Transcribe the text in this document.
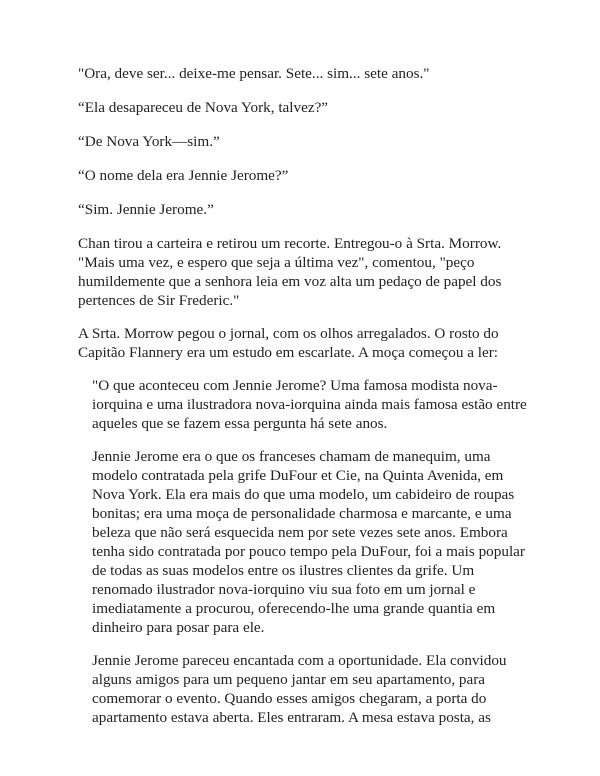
"Ora, deve ser... deixe-me pensar. Sete... sim... sete anos."

“Ela desapareceu de Nova York, talvez?”

“De Nova York—sim.”

“O nome dela era Jennie Jerome?”

“Sim. Jennie Jerome.”

Chan tirou a carteira e retirou um recorte. Entregou-o à Srta. Morrow. "Mais uma vez, e espero que seja a última vez", comentou, "peço humildemente que a senhora leia em voz alta um pedaço de papel dos pertences de Sir Frederic."

A Srta. Morrow pegou o jornal, com os olhos arregalados. O rosto do Capitão Flannery era um estudo em escarlate. A moça começou a ler:

"O que aconteceu com Jennie Jerome? Uma famosa modista nova-iorquina e uma ilustradora nova-iorquina ainda mais famosa estão entre aqueles que se fazem essa pergunta há sete anos.

Jennie Jerome era o que os franceses chamam de manequim, uma modelo contratada pela grife DuFour et Cie, na Quinta Avenida, em Nova York. Ela era mais do que uma modelo, um cabideiro de roupas bonitas; era uma moça de personalidade charmosa e marcante, e uma beleza que não será esquecida nem por sete vezes sete anos. Embora tenha sido contratada por pouco tempo pela DuFour, foi a mais popular de todas as suas modelos entre os ilustres clientes da grife. Um renomado ilustrador nova-iorquino viu sua foto em um jornal e imediatamente a procurou, oferecendo-lhe uma grande quantia em dinheiro para posar para ele.

Jennie Jerome pareceu encantada com a oportunidade. Ela convidou alguns amigos para um pequeno jantar em seu apartamento, para comemorar o evento. Quando esses amigos chegaram, a porta do apartamento estava aberta. Eles entraram. A mesa estava posta, as
